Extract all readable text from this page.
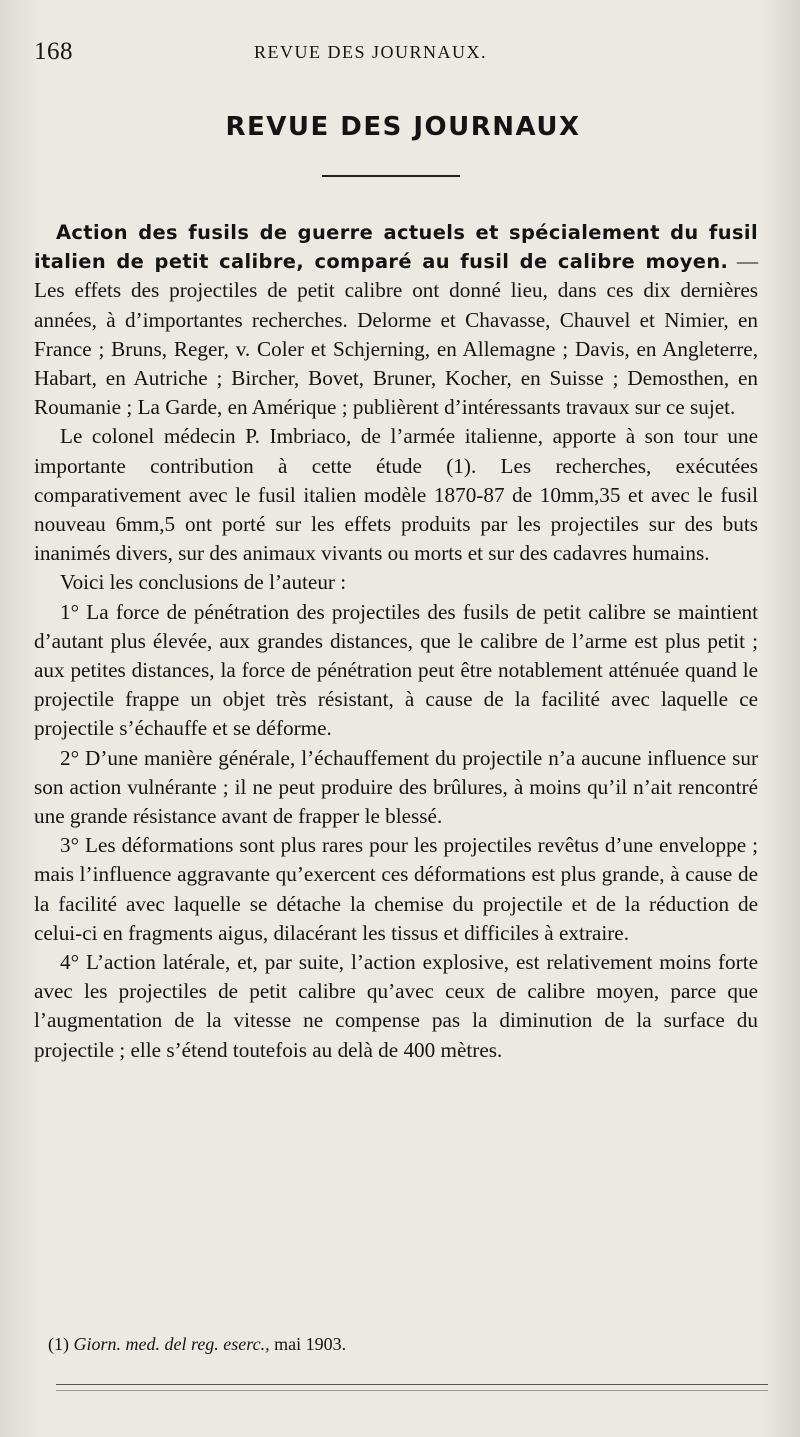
168	REVUE DES JOURNAUX.
REVUE DES JOURNAUX

Action des fusils de guerre actuels et spécialement du fusil italien de petit calibre, comparé au fusil de calibre moyen. — Les effets des projectiles de petit calibre ont donné lieu, dans ces dix dernières années, à d’importantes recherches. Delorme et Chavasse, Chauvel et Nimier, en France ; Bruns, Reger, v. Coler et Schjerning, en Allemagne ; Davis, en Angleterre, Habart, en Autriche ; Bircher, Bovet, Bruner, Kocher, en Suisse ; Demosthen, en Roumanie ; La Garde, en Amérique ; publièrent d’intéressants travaux sur ce sujet.

Le colonel médecin P. Imbriaco, de l’armée italienne, apporte à son tour une importante contribution à cette étude (1). Les recherches, exécutées comparativement avec le fusil italien modèle 1870-87 de 10mm,35 et avec le fusil nouveau 6mm,5 ont porté sur les effets produits par les projectiles sur des buts inanimés divers, sur des animaux vivants ou morts et sur des cadavres humains.

Voici les conclusions de l’auteur :

1° La force de pénétration des projectiles des fusils de petit calibre se maintient d’autant plus élevée, aux grandes distances, que le calibre de l’arme est plus petit ; aux petites distances, la force de pénétration peut être notablement atténuée quand le projectile frappe un objet très résistant, à cause de la facilité avec laquelle ce projectile s’échauffe et se déforme.

2° D’une manière générale, l’échauffement du projectile n’a aucune influence sur son action vulnérante ; il ne peut produire des brûlures, à moins qu’il n’ait rencontré une grande résistance avant de frapper le blessé.

3° Les déformations sont plus rares pour les projectiles revêtus d’une enveloppe ; mais l’influence aggravante qu’exercent ces déformations est plus grande, à cause de la facilité avec laquelle se détache la chemise du projectile et de la réduction de celui-ci en fragments aigus, dilacérant les tissus et difficiles à extraire.

4° L’action latérale, et, par suite, l’action explosive, est relativement moins forte avec les projectiles de petit calibre qu’avec ceux de calibre moyen, parce que l’augmentation de la vitesse ne compense pas la diminution de la surface du projectile ; elle s’étend toutefois au delà de 400 mètres.

(1) Giorn. med. del reg. eserc., mai 1903.
